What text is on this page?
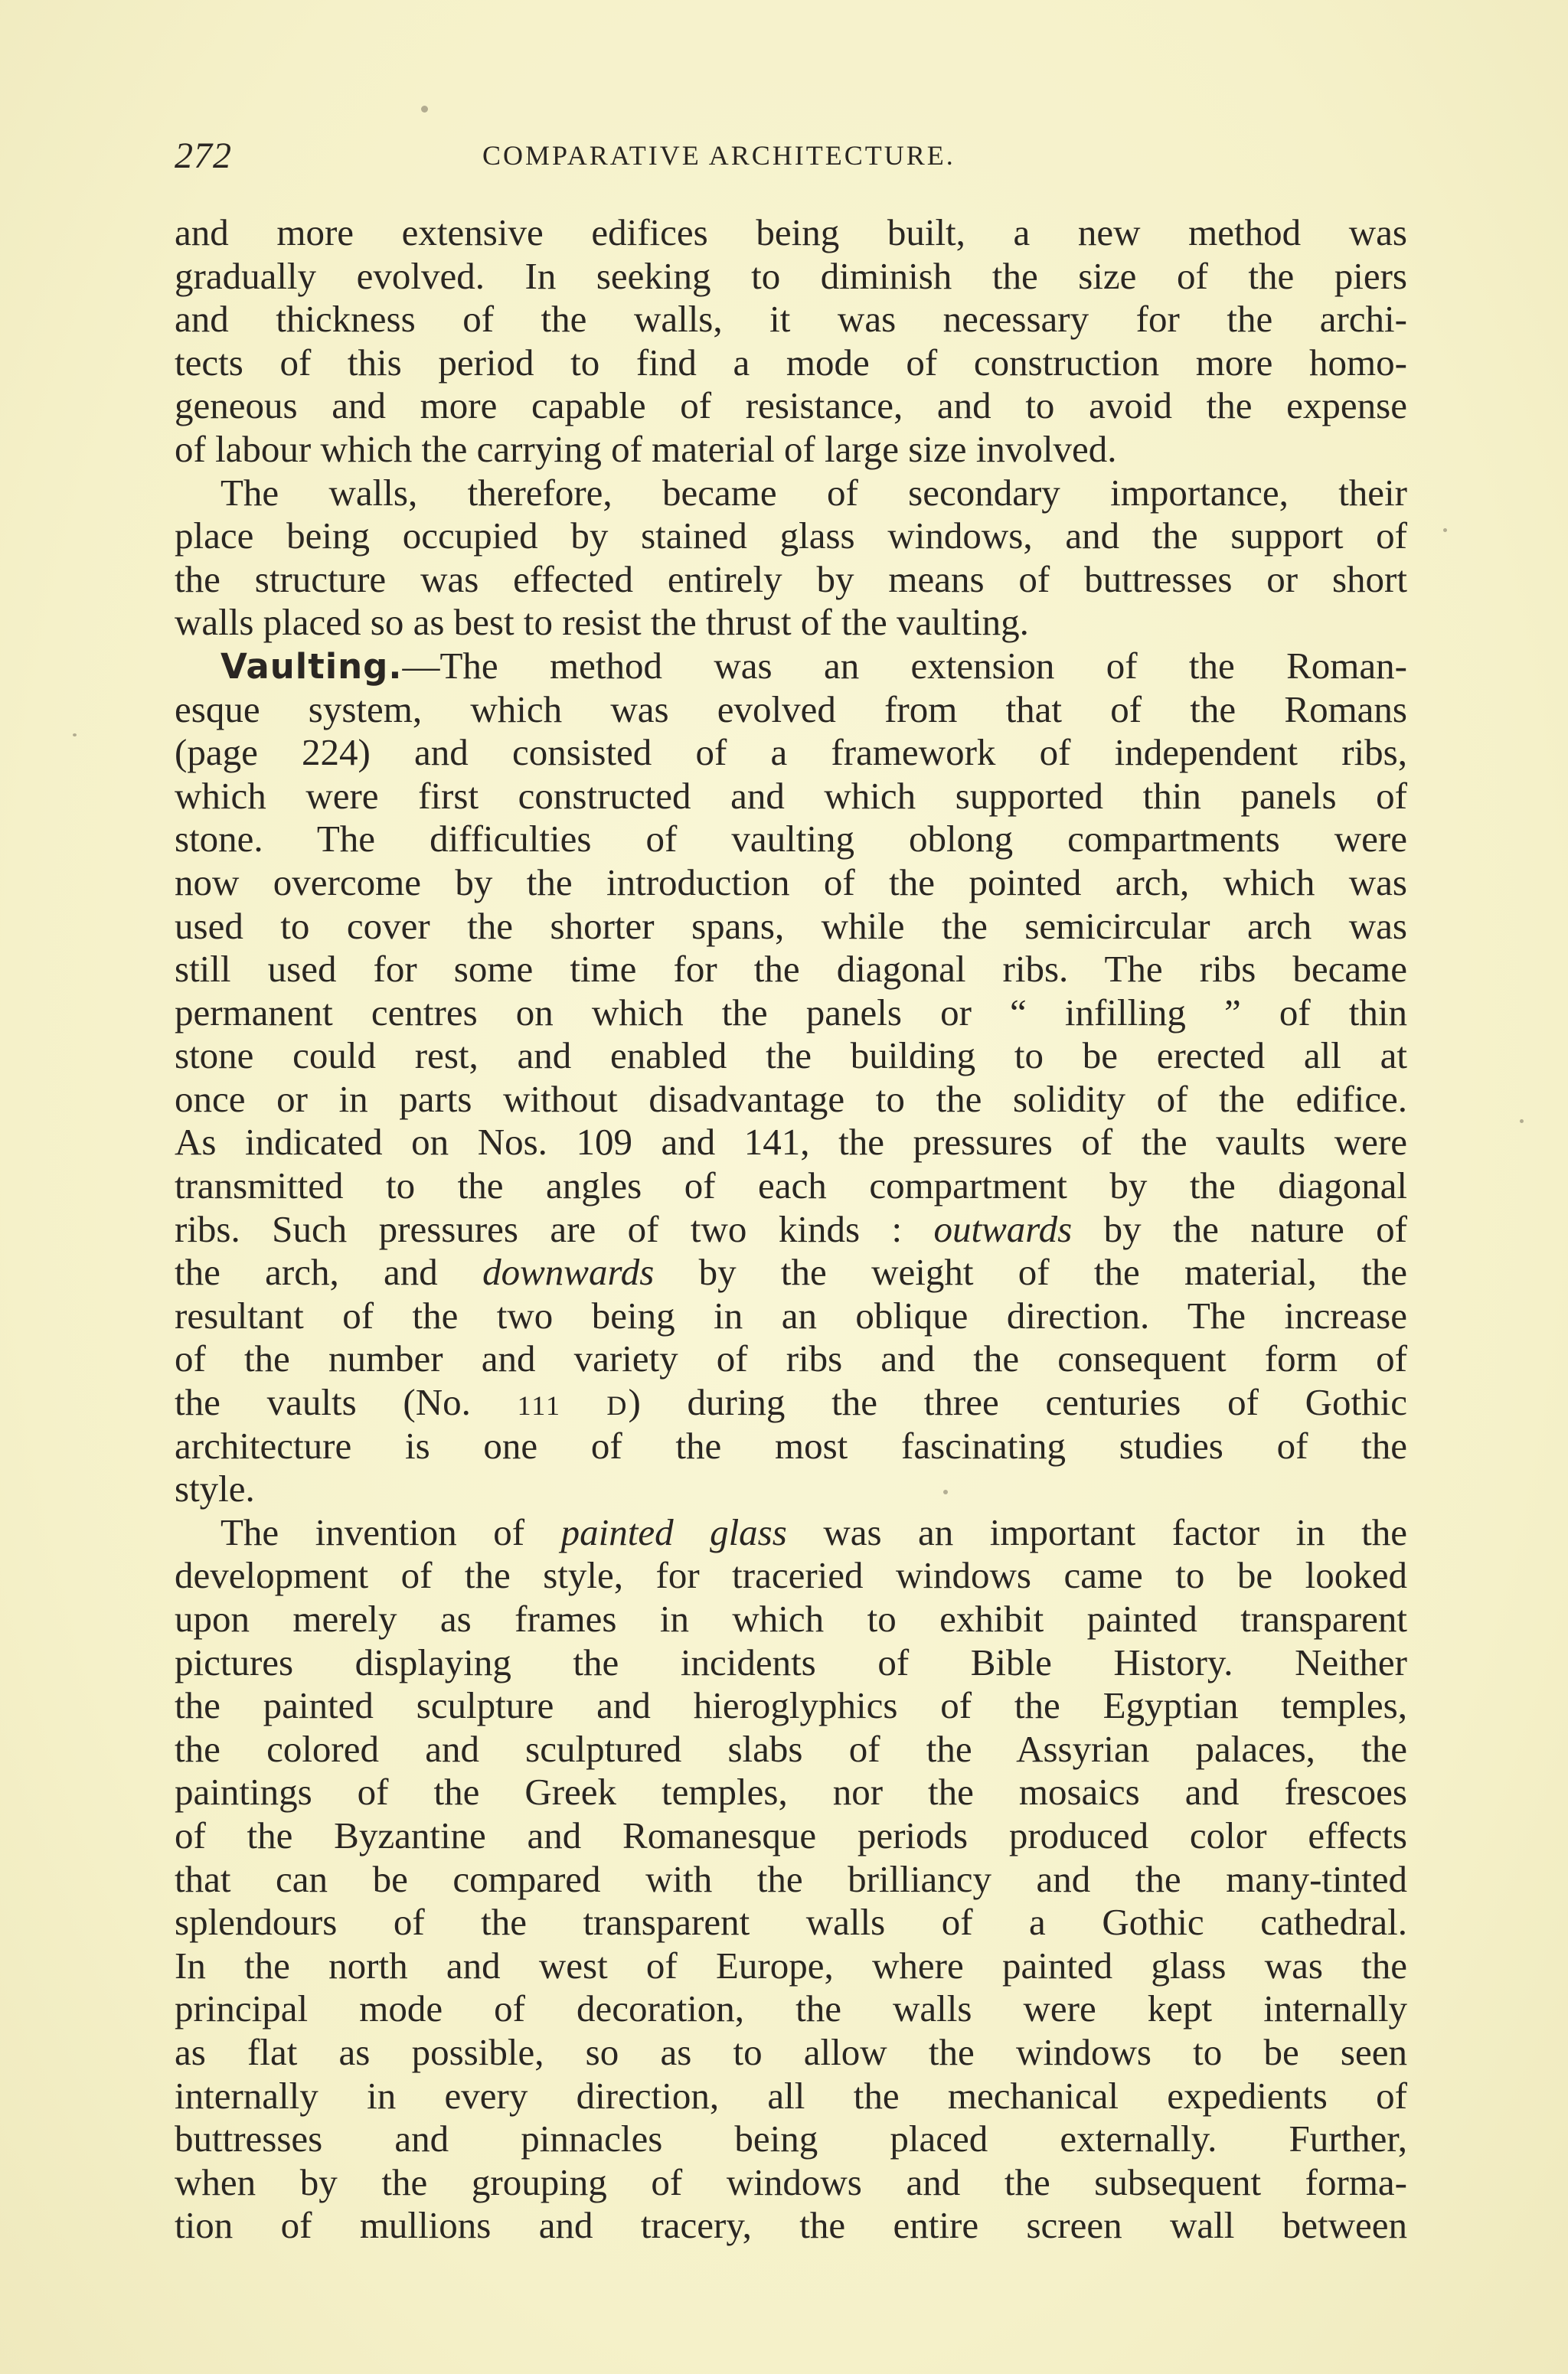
272	COMPARATIVE ARCHITECTURE.
and more extensive edifices being built, a new method was
gradually evolved. In seeking to diminish the size of the piers
and thickness of the walls, it was necessary for the archi-
tects of this period to find a mode of construction more homo-
geneous and more capable of resistance, and to avoid the expense
of labour which the carrying of material of large size involved.
The walls, therefore, became of secondary importance, their
place being occupied by stained glass windows, and the support of
the structure was effected entirely by means of buttresses or short
walls placed so as best to resist the thrust of the vaulting.
Vaulting.—The method was an extension of the Roman-
esque system, which was evolved from that of the Romans
(page 224) and consisted of a framework of independent ribs,
which were first constructed and which supported thin panels of
stone. The difficulties of vaulting oblong compartments were
now overcome by the introduction of the pointed arch, which was
used to cover the shorter spans, while the semicircular arch was
still used for some time for the diagonal ribs. The ribs became
permanent centres on which the panels or “ infilling ” of thin
stone could rest, and enabled the building to be erected all at
once or in parts without disadvantage to the solidity of the edifice.
As indicated on Nos. 109 and 141, the pressures of the vaults were
transmitted to the angles of each compartment by the diagonal
ribs. Such pressures are of two kinds : outwards by the nature of
the arch, and downwards by the weight of the material, the
resultant of the two being in an oblique direction. The increase
of the number and variety of ribs and the consequent form of
the vaults (No. 111 D) during the three centuries of Gothic
architecture is one of the most fascinating studies of the
style.
The invention of painted glass was an important factor in the
development of the style, for traceried windows came to be looked
upon merely as frames in which to exhibit painted transparent
pictures displaying the incidents of Bible History. Neither
the painted sculpture and hieroglyphics of the Egyptian temples,
the colored and sculptured slabs of the Assyrian palaces, the
paintings of the Greek temples, nor the mosaics and frescoes
of the Byzantine and Romanesque periods produced color effects
that can be compared with the brilliancy and the many-tinted
splendours of the transparent walls of a Gothic cathedral.
In the north and west of Europe, where painted glass was the
principal mode of decoration, the walls were kept internally
as flat as possible, so as to allow the windows to be seen
internally in every direction, all the mechanical expedients of
buttresses and pinnacles being placed externally. Further,
when by the grouping of windows and the subsequent forma-
tion of mullions and tracery, the entire screen wall between
